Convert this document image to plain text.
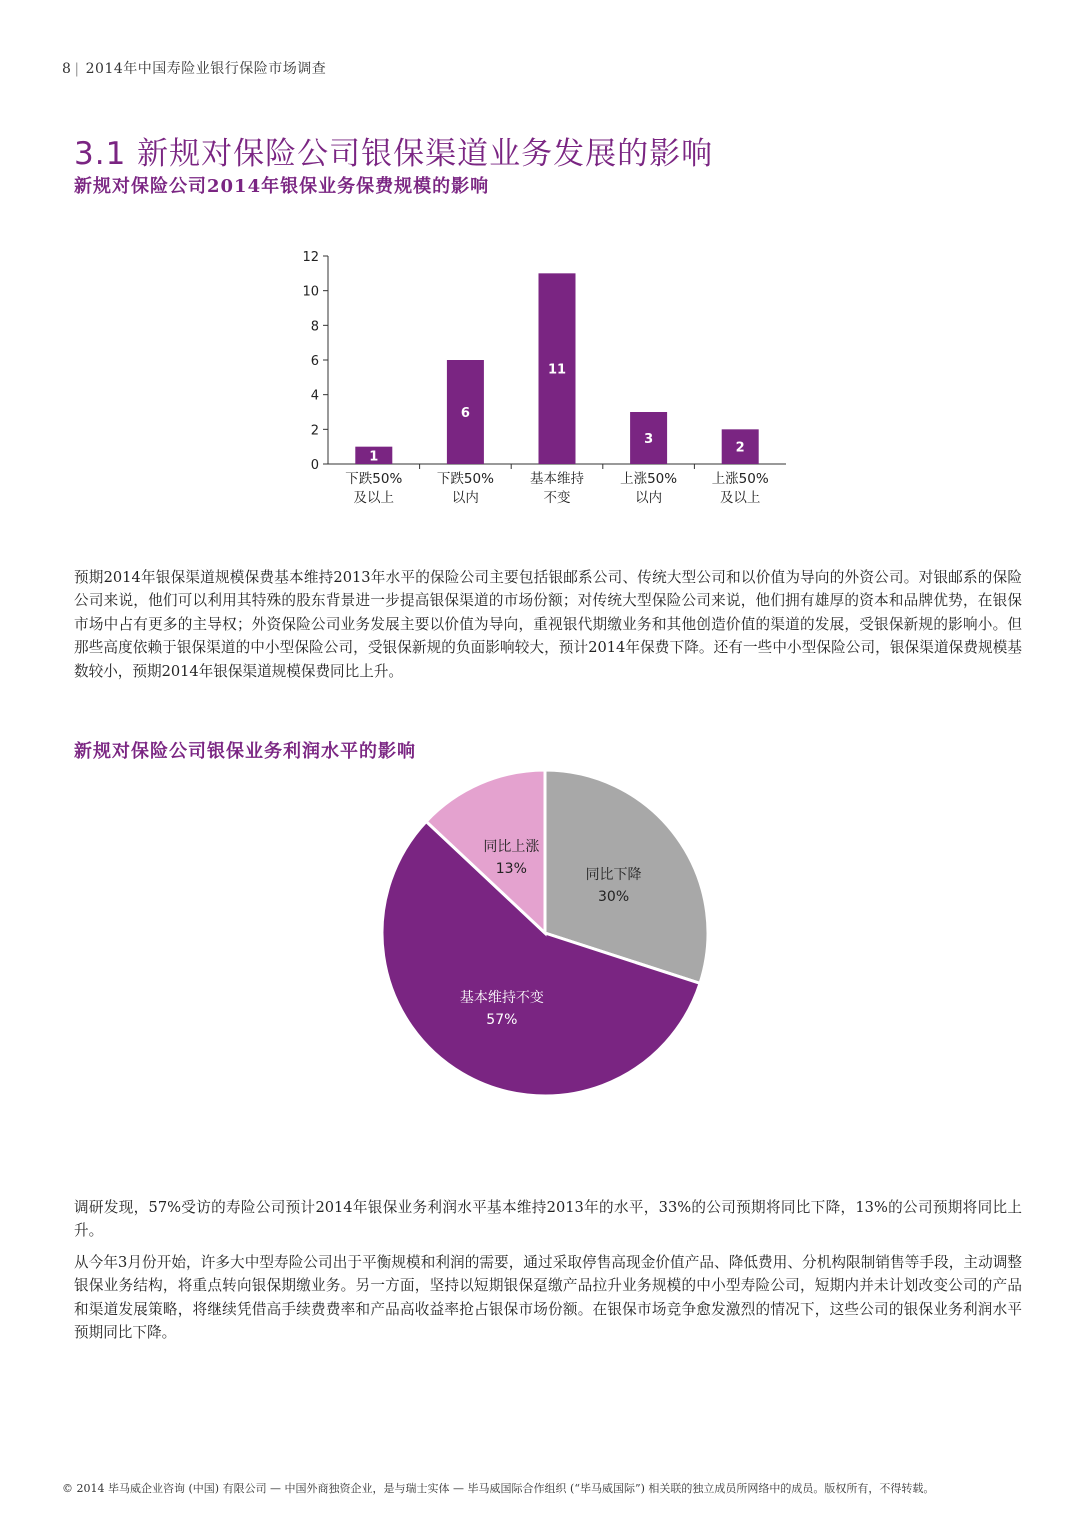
8 | 2014年中国寿险业银行保险市场调查
3.1 新规对保险公司银保渠道业务发展的影响
新规对保险公司2014年银保业务保费规模的影响
0
2
4
6
8
10
12
1
下跌50%
及以上
6
下跌50%
以内
11
基本维持
不变
3
上涨50%
以内
2
上涨50%
及以上

预期2014年银保渠道规模保费基本维持2013年水平的保险公司主要包括银邮系公司、传统大型公司和以价值为导向的外资公司。对银邮系的保险公司来说，他们可以利用其特殊的股东背景进一步提高银保渠道的市场份额；对传统大型保险公司来说，他们拥有雄厚的资本和品牌优势，在银保市场中占有更多的主导权；外资保险公司业务发展主要以价值为导向，重视银代期缴业务和其他创造价值的渠道的发展，受银保新规的影响小。但那些高度依赖于银保渠道的中小型保险公司，受银保新规的负面影响较大，预计2014年保费下降。还有一些中小型保险公司，银保渠道保费规模基数较小，预期2014年银保渠道规模保费同比上升。

新规对保险公司银保业务利润水平的影响
同比下降
30%
基本维持不变
57%
同比上涨
13%

调研发现，57%受访的寿险公司预计2014年银保业务利润水平基本维持2013年的水平，33%的公司预期将同比下降，13%的公司预期将同比上升。

从今年3月份开始，许多大中型寿险公司出于平衡规模和利润的需要，通过采取停售高现金价值产品、降低费用、分机构限制销售等手段，主动调整银保业务结构，将重点转向银保期缴业务。另一方面，坚持以短期银保趸缴产品拉升业务规模的中小型寿险公司，短期内并未计划改变公司的产品和渠道发展策略，将继续凭借高手续费费率和产品高收益率抢占银保市场份额。在银保市场竞争愈发激烈的情况下，这些公司的银保业务利润水平预期同比下降。

© 2014 毕马威企业咨询 (中国) 有限公司 — 中国外商独资企业，是与瑞士实体 — 毕马威国际合作组织 (“毕马威国际”) 相关联的独立成员所网络中的成员。版权所有，不得转载。
